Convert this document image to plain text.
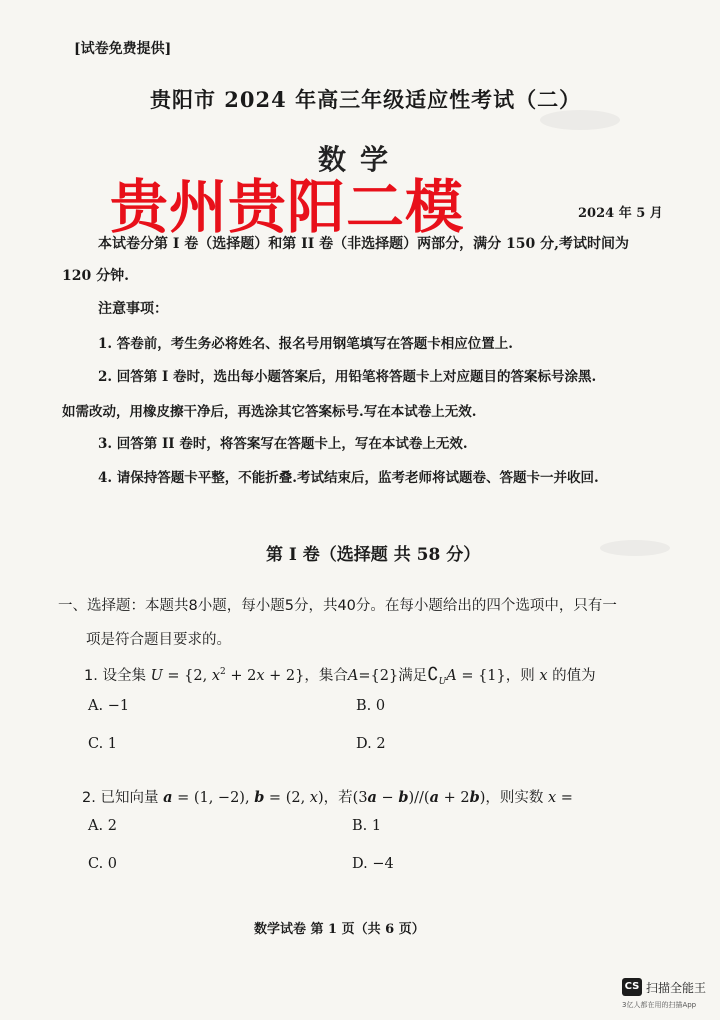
[试卷免费提供]
贵阳市 2024 年高三年级适应性考试（二）
数学
贵州贵阳二模	2024 年 5 月
本试卷分第 I 卷（选择题）和第 II 卷（非选择题）两部分，满分 150 分,考试时间为
120 分钟.
注意事项：
1. 答卷前，考生务必将姓名、报名号用钢笔填写在答题卡相应位置上.
2. 回答第 I 卷时，选出每小题答案后，用铅笔将答题卡上对应题目的答案标号涂黑.
如需改动，用橡皮擦干净后，再选涂其它答案标号.写在本试卷上无效.
3. 回答第 II 卷时，将答案写在答题卡上，写在本试卷上无效.
4. 请保持答题卡平整，不能折叠.考试结束后，监考老师将试题卷、答题卡一并收回.
第 I 卷（选择题 共 58 分）
一、选择题：本题共8小题，每小题5分，共40分。在每小题给出的四个选项中，只有一
项是符合题目要求的。
1. 设全集 U = {2, $x^2 + 2x + 2$}，集合A={2}满足$∁_UA = \{1\}$，则 x 的值为
A. −1	B. 0
C. 1	D. 2
2. 已知向量 a = (1, −2), b = (2, x)，若(3a − b)//(a + 2b)，则实数 x =
A. 2	B. 1
C. 0	D. −4
数学试卷 第 1 页（共 6 页）
CS 扫描全能王
3亿人都在用的扫描App
